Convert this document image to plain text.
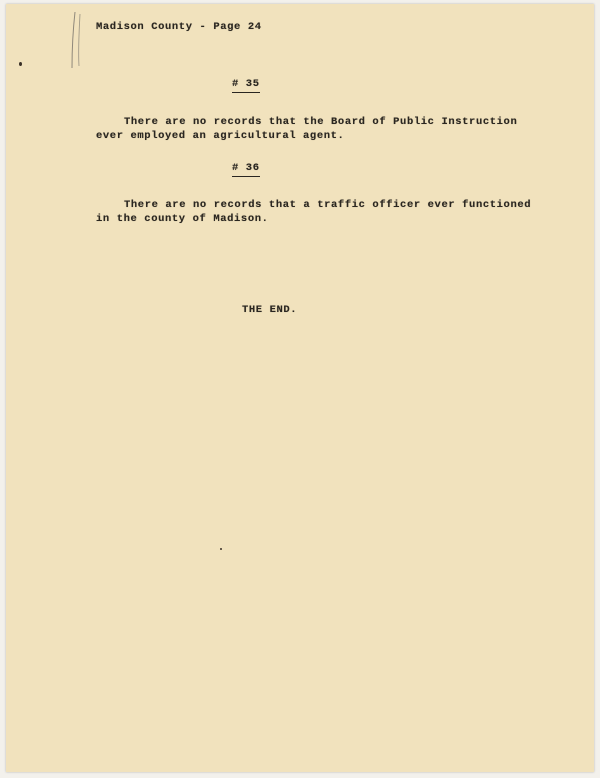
Madison County - Page 24
# 35
There are no records that the Board of Public Instruction
ever employed an agricultural agent.
# 36
There are no records that a traffic officer ever functioned
in the county of Madison.
THE END.
